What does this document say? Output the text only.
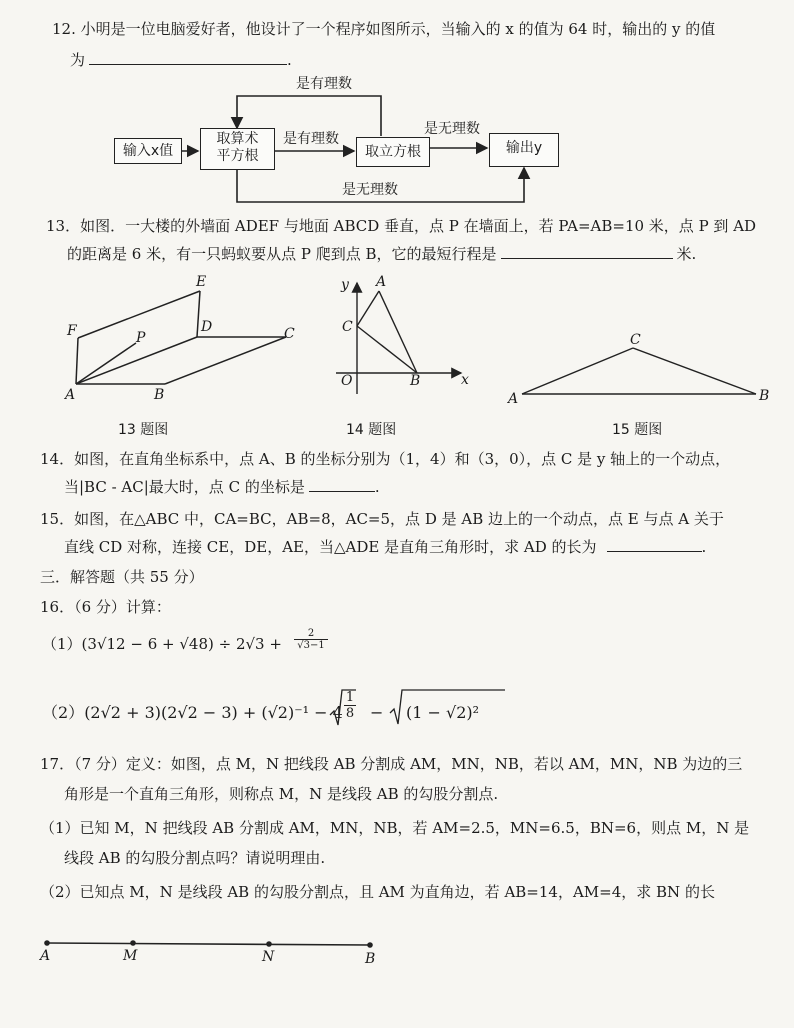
12. 小明是一位电脑爱好者，他设计了一个程序如图所示，当输入的 x 的值为 64 时，输出的 y 的值
为	.
输入x值
取算术
平方根	取立方根	输出y
是有理数
是有理数
是无理数
是无理数
13．如图．一大楼的外墙面 ADEF 与地面 ABCD 垂直，点 P 在墙面上，若 PA=AB=10 米，点 P 到 AD
的距离是 6 米，有一只蚂蚁要从点 P 爬到点 B，它的最短行程是	米.
E
F	D	C
P
A	B
13 题图
y A
C
O	B	x
14 题图
C
A	B
15 题图
14．如图，在直角坐标系中，点 A、B 的坐标分别为（1，4）和（3，0），点 C 是 y 轴上的一个动点，
当|BC - AC|最大时，点 C 的坐标是	.
15．如图，在△ABC 中，CA=BC，AB=8，AC=5，点 D 是 AB 边上的一个动点，点 E 与点 A 关于
直线 CD 对称，连接 CE，DE，AE，当△ADE 是直角三角形时，求 AD 的长为	.
三．解答题（共 55 分）
16．（6 分）计算：
$(1)(3√12 - 6 + √48) \div 2√3 + \frac{2}{√3-1}$
$(2)(2√2 + 3)(2√2 - 3) + (√2)^{-1} - 4 \frac{1}{8} - (1 - √2)^2$
17．（7 分）定义：如图，点 M，N 把线段 AB 分割成 AM，MN，NB，若以 AM，MN，NB 为边的三
角形是一个直角三角形，则称点 M，N 是线段 AB 的勾股分割点.
（1）已知 M，N 把线段 AB 分割成 AM，MN，NB，若 AM=2.5，MN=6.5，BN=6，则点 M，N 是
线段 AB 的勾股分割点吗？请说明理由.
（2）已知点 M，N 是线段 AB 的勾股分割点，且 AM 为直角边，若 AB=14，AM=4，求 BN 的长
A	M	N	B
